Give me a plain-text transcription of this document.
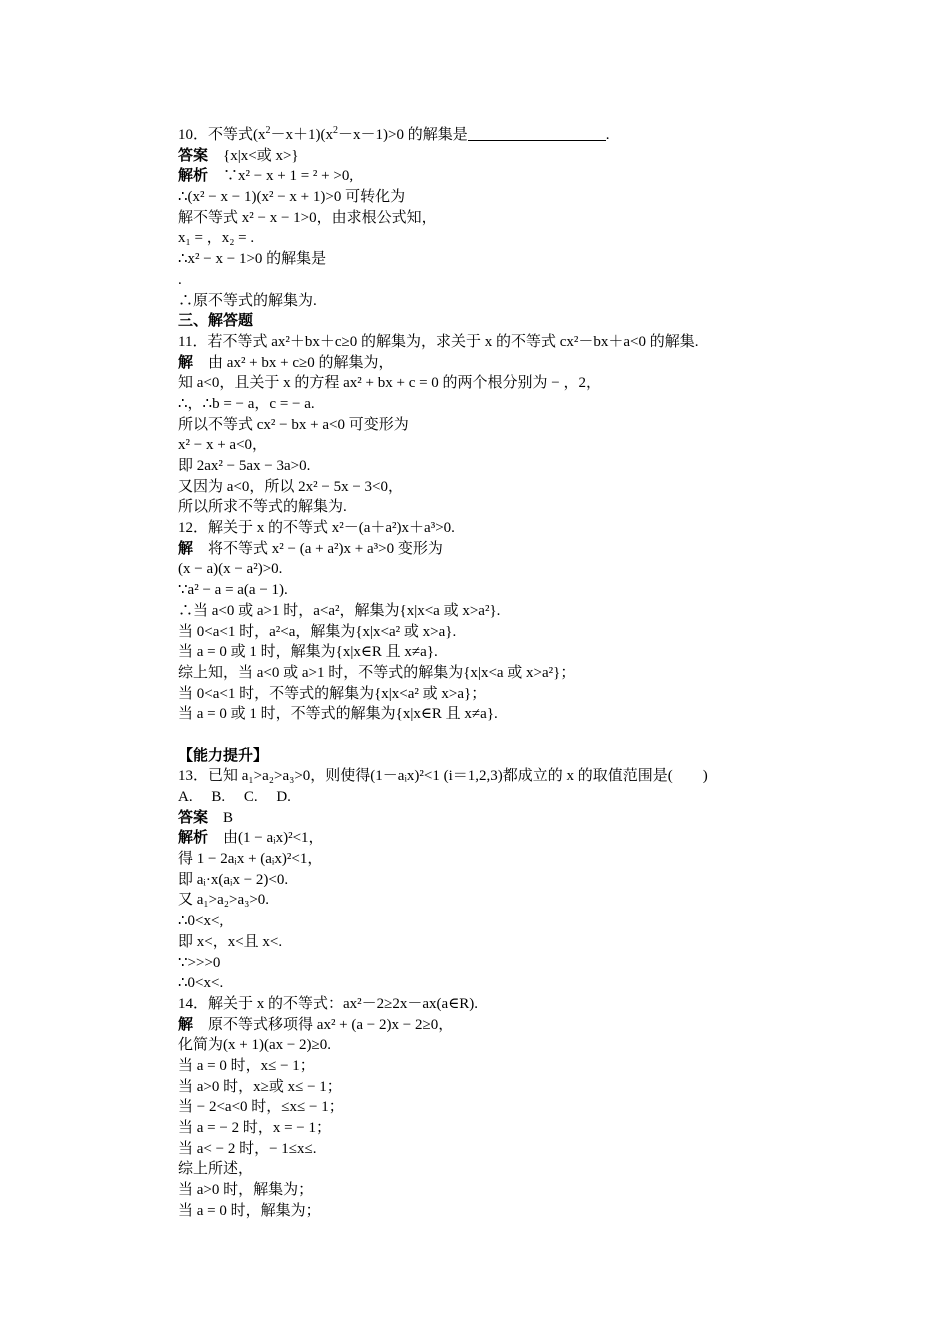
10．不等式$(x^2-x+1)(x^2-x-1)>0$ 的解集是	.
答案　 {x|x<或 x>}
解析　 ∵x² − x + 1 = ² + >0,
∴(x² − x − 1)(x² − x + 1)>0 可转化为
解不等式 x² − x − 1>0，由求根公式知，
x₁ = ，x₂ = .
∴x² − x − 1>0 的解集是
.
∴原不等式的解集为.
三、解答题
11．若不等式 ax²＋bx＋c≥0 的解集为，求关于 x 的不等式 cx²－bx＋a<0 的解集.
解　 由 ax² + bx + c≥0 的解集为，
知 a<0，且关于 x 的方程 ax² + bx + c = 0 的两个根分别为 − ，2，
∴，∴b = − a，c = − a.
所以不等式 cx² − bx + a<0 可变形为
x² − x + a<0，
即 2ax² − 5ax − 3a>0.
又因为 a<0，所以 2x² − 5x − 3<0，
所以所求不等式的解集为.
12．解关于 x 的不等式 x²－(a＋a²)x＋a³>0.
解　 将不等式 x² − (a + a²)x + a³>0 变形为
(x − a)(x − a²)>0.
∵a² − a = a(a − 1).
∴当 a<0 或 a>1 时，a<a²，解集为{x|x<a 或 x>a²}.
当 0<a<1 时，a²<a，解集为{x|x<a² 或 x>a}.
当 a = 0 或 1 时，解集为{x|x∈R 且 x≠a}.
综上知，当 a<0 或 a>1 时，不等式的解集为{x|x<a 或 x>a²}；
当 0<a<1 时，不等式的解集为{x|x<a² 或 x>a}；
当 a = 0 或 1 时，不等式的解集为{x|x∈R 且 x≠a}.
【能力提升】
13．已知 a₁>a₂>a₃>0，则使得(1－aᵢx)²<1 (i＝1,2,3)都成立的 x 的取值范围是(　　)
A.　 B.　 C.　 D.
答案　 B
解析　 由(1 − aᵢx)²<1，
得 1 − 2aᵢx + (aᵢx)²<1，
即 aᵢ·x(aᵢx − 2)<0.
又 a₁>a₂>a₃>0.
∴0<x<,
即 x<，x<且 x<.
∵>>>0
∴0<x<.
14．解关于 x 的不等式：ax²－2≥2x－ax(a∈R).
解　 原不等式移项得 ax² + (a − 2)x − 2≥0，
化简为(x + 1)(ax − 2)≥0.
当 a = 0 时，x≤ − 1；
当 a>0 时，x≥或 x≤ − 1；
当 − 2<a<0 时，≤x≤ − 1；
当 a = − 2 时，x = − 1；
当 a< − 2 时，− 1≤x≤.
综上所述，
当 a>0 时，解集为；
当 a = 0 时，解集为；
